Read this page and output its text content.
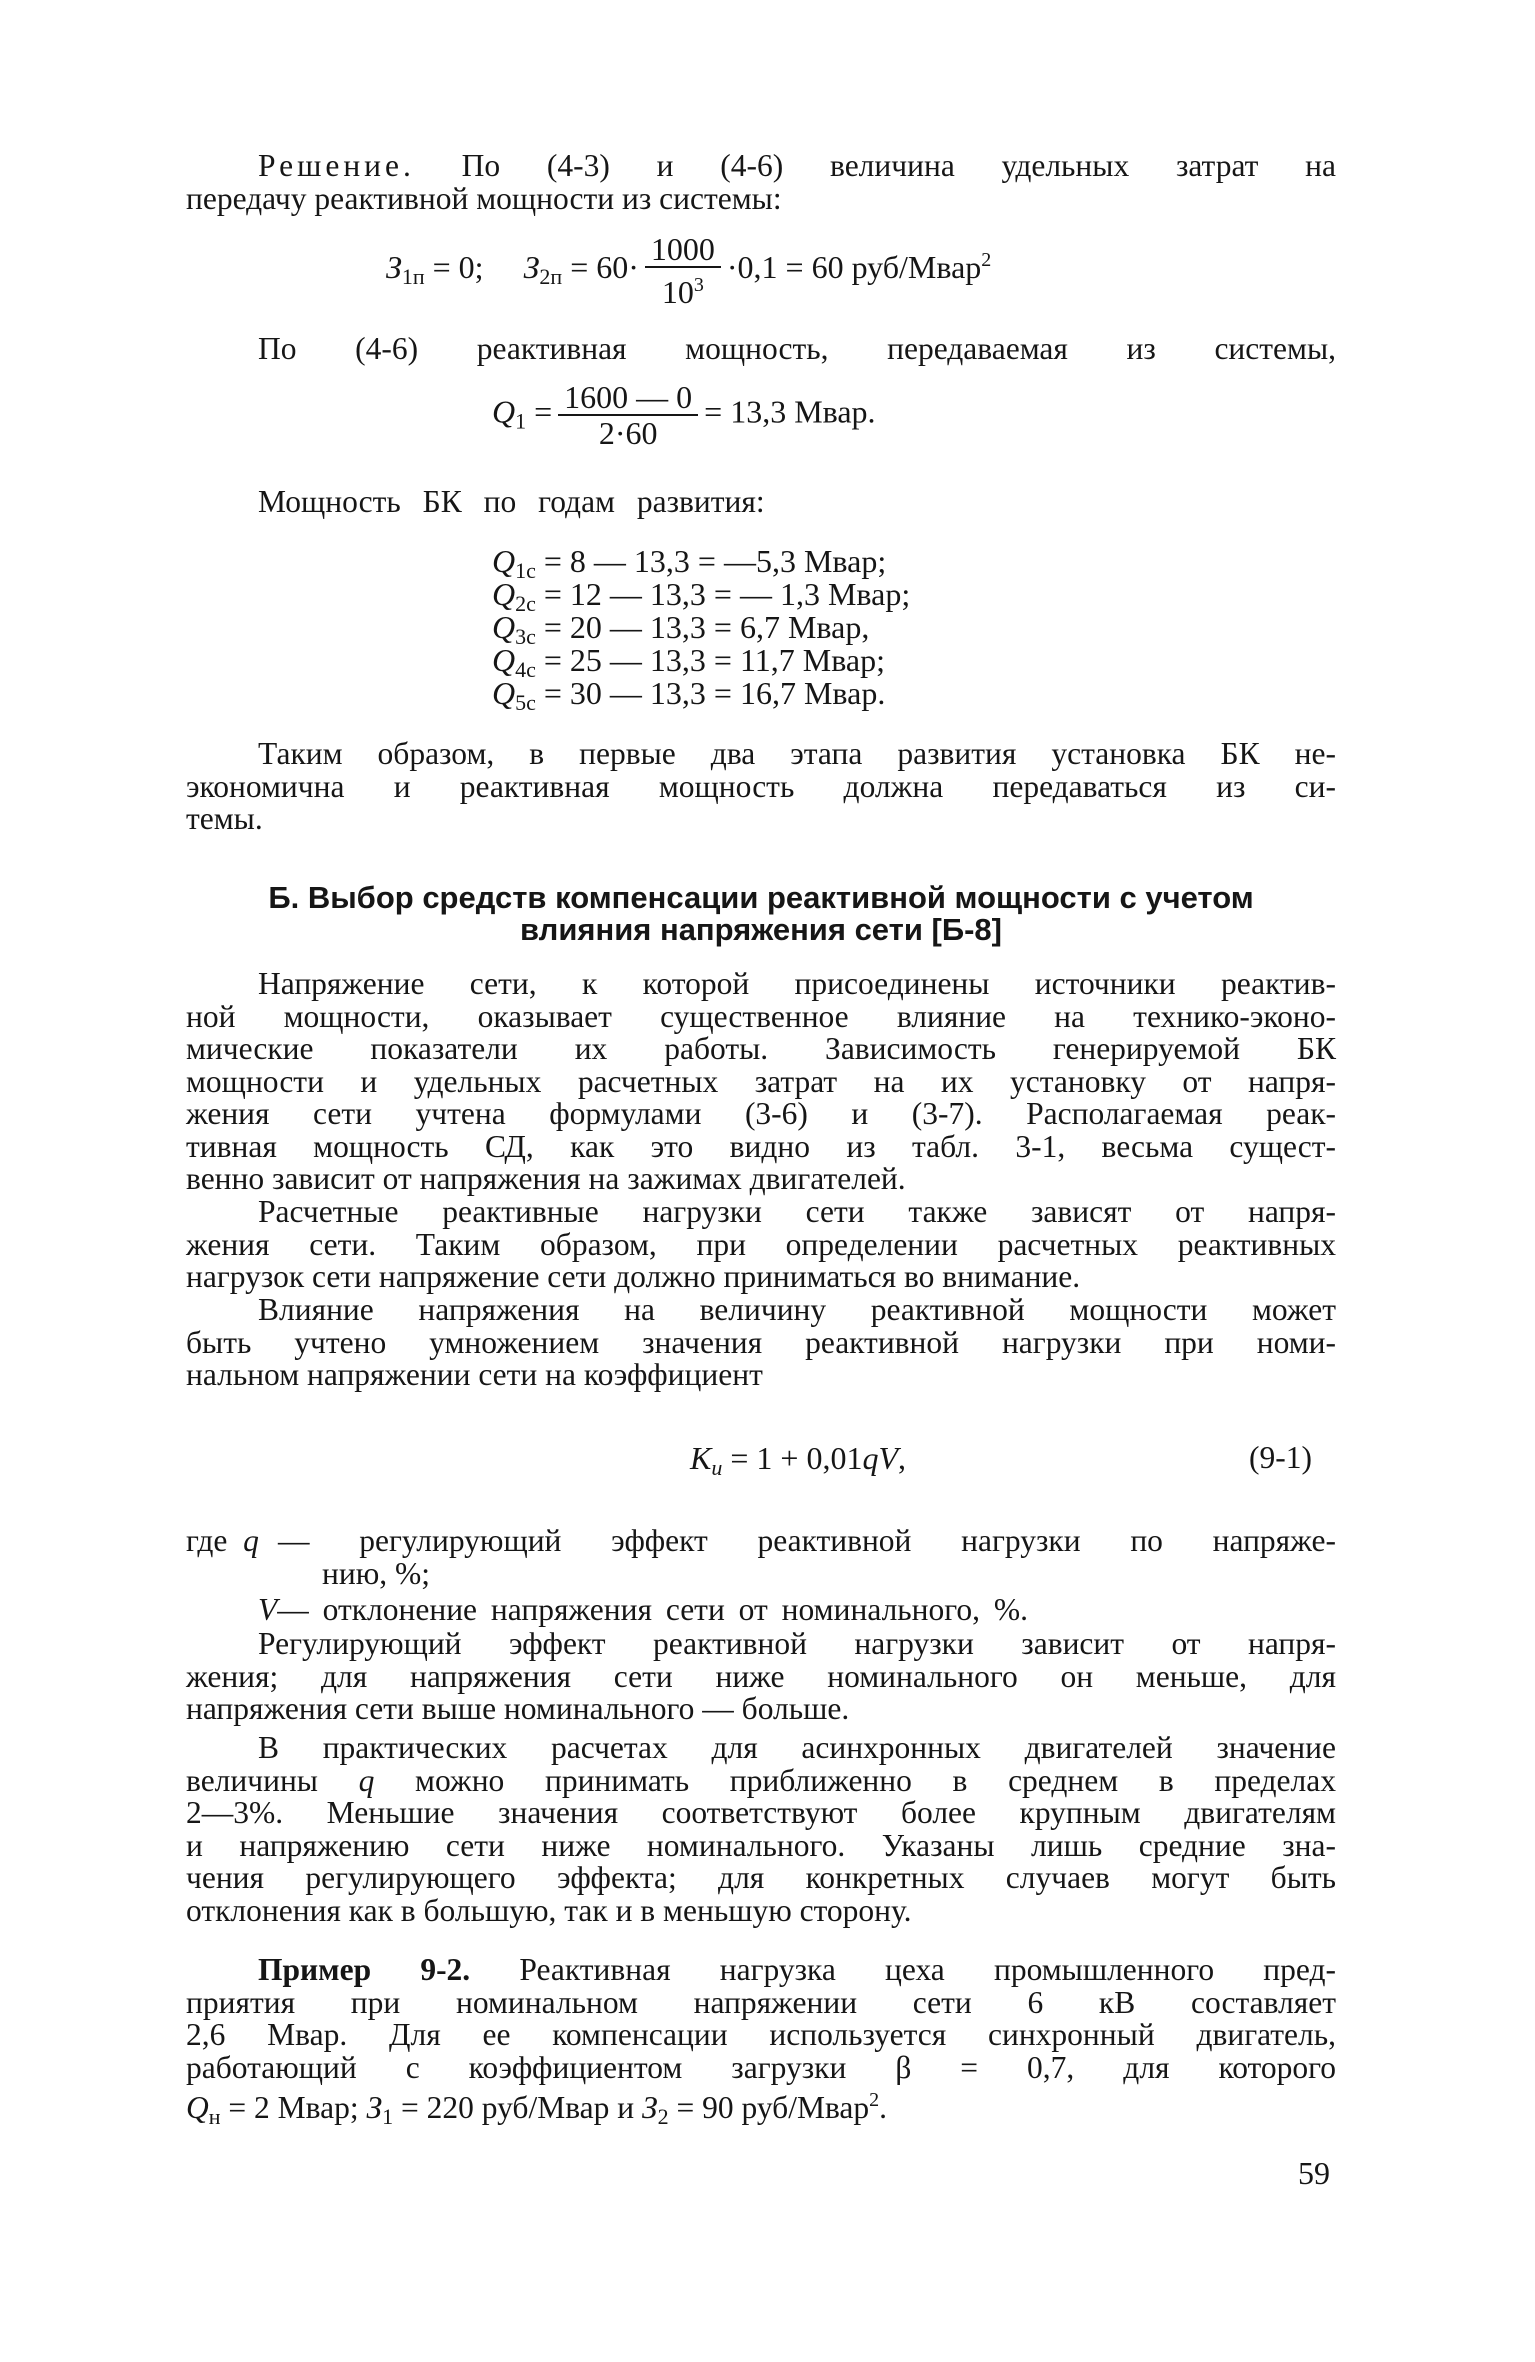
Решение. По (4-3) и (4-6) величина удельных затрат на
передачу реактивной мощности из системы:
$З_{1п} = 0$; $З_{2п} = 60\cdot \frac{1000}{10^3} \cdot 0,1 = 60$ руб/Мвар$^2$
По (4-6) реактивная мощность, передаваемая из системы,
$Q_1 = \frac{1600 — 0}{2\cdot 60} = 13,3$ Мвар.
Мощность БК по годам развития:
$Q_{1с} = 8$ — 13,3 = —5,3 Мвар;
$Q_{2с} = 12$ — 13,3 = — 1,3 Мвар;
$Q_{3с} = 20$ — 13,3 = 6,7 Мвар,
$Q_{4с} = 25$ — 13,3 = 11,7 Мвар;
$Q_{5с} = 30$ — 13,3 = 16,7 Мвар.
Таким образом, в первые два этапа развития установка БК не-
экономична и реактивная мощность должна передаваться из си-
темы.
Б. Выбор средств компенсации реактивной мощности с учетом
влияния напряжения сети [Б-8]
Напряжение сети, к которой присоединены источники реактив-
ной мощности, оказывает существенное влияние на технико-эконо-
мические показатели их работы. Зависимость генерируемой БК
мощности и удельных расчетных затрат на их установку от напря-
жения сети учтена формулами (3-6) и (3-7). Располагаемая реак-
тивная мощность СД, как это видно из табл. 3-1, весьма сущест-
венно зависит от напряжения на зажимах двигателей.
Расчетные реактивные нагрузки сети также зависят от напря-
жения сети. Таким образом, при определении расчетных реактивных
нагрузок сети напряжение сети должно приниматься во внимание.
Влияние напряжения на величину реактивной мощности может
быть учтено умножением значения реактивной нагрузки при номи-
нальном напряжении сети на коэффициент
$K_u = 1 + 0,01qV$,	(9-1)
где q — регулирующий эффект реактивной нагрузки по напряже-
нию, %;
V— отклонение напряжения сети от номинального, %.
Регулирующий эффект реактивной нагрузки зависит от напря-
жения; для напряжения сети ниже номинального он меньше, для
напряжения сети выше номинального — больше.
В практических расчетах для асинхронных двигателей значение
величины q можно принимать приближенно в среднем в пределах
2—3%. Меньшие значения соответствуют более крупным двигателям
и напряжению сети ниже номинального. Указаны лишь средние зна-
чения регулирующего эффекта; для конкретных случаев могут быть
отклонения как в большую, так и в меньшую сторону.
Пример 9-2. Реактивная нагрузка цеха промышленного пред-
приятия при номинальном напряжении сети 6 кВ составляет
2,6 Мвар. Для ее компенсации используется синхронный двигатель,
работающий с коэффициентом загрузки β = 0,7, для которого
$Q_н = 2$ Мвар; $З_1 = 220$ руб/Мвар и $З_2 = 90$ руб/Мвар$^2$.
59
